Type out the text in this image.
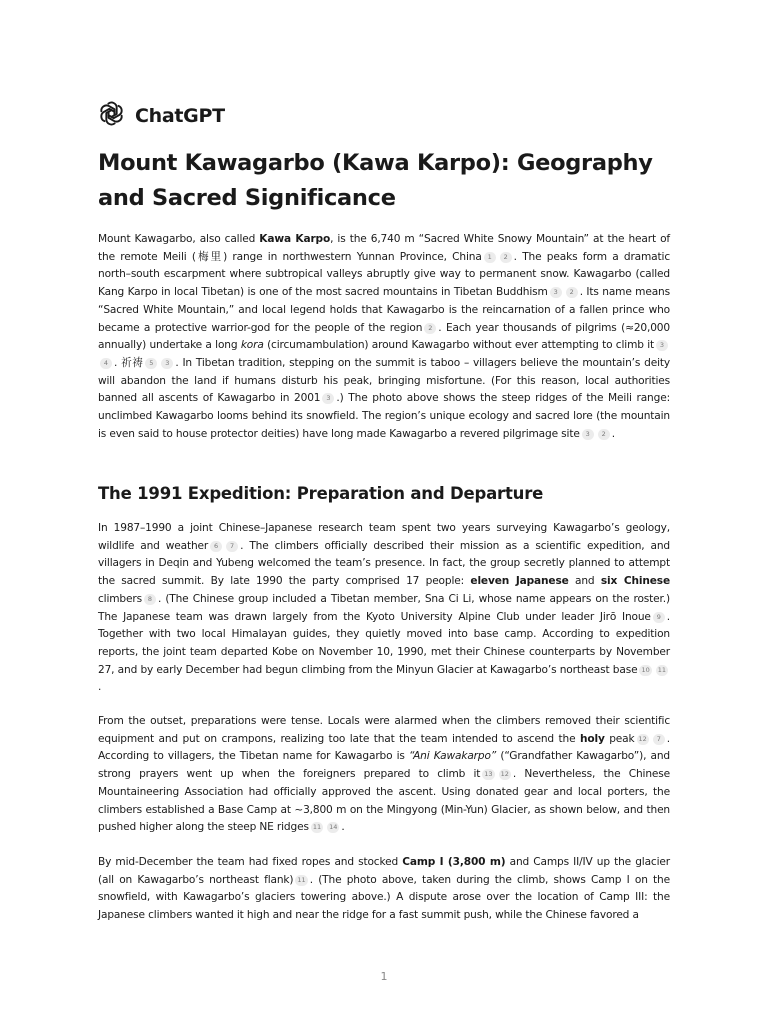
ChatGPT
Mount Kawagarbo (Kawa Karpo): Geography and Sacred Significance

Mount Kawagarbo, also called Kawa Karpo, is the 6,740 m “Sacred White Snowy Mountain” at the heart of the remote Meili (梅里) range in northwestern Yunnan Province, China 1 2 . The peaks form a dramatic north–south escarpment where subtropical valleys abruptly give way to permanent snow. Kawagarbo (called Kang Karpo in local Tibetan) is one of the most sacred mountains in Tibetan Buddhism 3 2 . Its name means “Sacred White Mountain,” and local legend holds that Kawagarbo is the reincarnation of a fallen prince who became a protective warrior-god for the people of the region 2 . Each year thousands of pilgrims (≈20,000 annually) undertake a long kora (circumambulation) around Kawagarbo without ever attempting to climb it 34 . 祈祷 5 3 . In Tibetan tradition, stepping on the summit is taboo – villagers believe the mountain’s deity will abandon the land if humans disturb his peak, bringing misfortune. (For this reason, local authorities banned all ascents of Kawagarbo in 2001 3 .) The photo above shows the steep ridges of the Meili range: unclimbed Kawagarbo looms behind its snowfield. The region’s unique ecology and sacred lore (the mountain is even said to house protector deities) have long made Kawagarbo a revered pilgrimage site 3 2 .

The 1991 Expedition: Preparation and Departure

In 1987–1990 a joint Chinese–Japanese research team spent two years surveying Kawagarbo’s geology, wildlife and weather 6 7 . The climbers officially described their mission as a scientific expedition, and villagers in Deqin and Yubeng welcomed the team’s presence. In fact, the group secretly planned to attempt the sacred summit. By late 1990 the party comprised 17 people: eleven Japanese and six Chinese climbers 8 . (The Chinese group included a Tibetan member, Sna Ci Li, whose name appears on the roster.) The Japanese team was drawn largely from the Kyoto University Alpine Club under leader Jirō Inoue 9 . Together with two local Himalayan guides, they quietly moved into base camp. According to expedition reports, the joint team departed Kobe on November 10, 1990, met their Chinese counterparts by November 27, and by early December had begun climbing from the Minyun Glacier at Kawagarbo’s northeast base 10 11.

From the outset, preparations were tense. Locals were alarmed when the climbers removed their scientific equipment and put on crampons, realizing too late that the team intended to ascend the holy peak 12 7 . According to villagers, the Tibetan name for Kawagarbo is “Ani Kawakarpo” (“Grandfather Kawagarbo”), and strong prayers went up when the foreigners prepared to climb it 13 12 . Nevertheless, the Chinese Mountaineering Association had officially approved the ascent. Using donated gear and local porters, the climbers established a Base Camp at ~3,800 m on the Mingyong (Min-Yun) Glacier, as shown below, and then pushed higher along the steep NE ridges 11 14 .

By mid-December the team had fixed ropes and stocked Camp I (3,800 m) and Camps II/IV up the glacier (all on Kawagarbo’s northeast flank) 11 . (The photo above, taken during the climb, shows Camp I on the snowfield, with Kawagarbo’s glaciers towering above.) A dispute arose over the location of Camp III: the Japanese climbers wanted it high and near the ridge for a fast summit push, while the Chinese favored a

1
